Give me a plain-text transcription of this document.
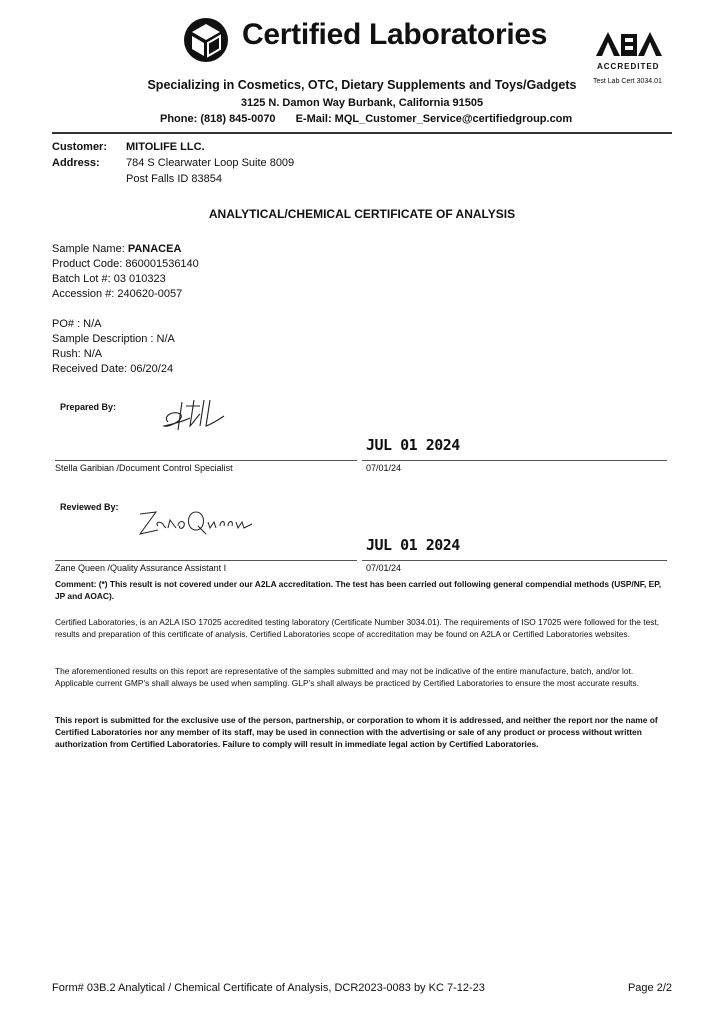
Certified Laboratories
ACCREDITED
Test Lab Cert 3034.01
Specializing in Cosmetics, OTC, Dietary Supplements and Toys/Gadgets
3125 N. Damon Way Burbank, California 91505
Phone: (818) 845-0070 E-Mail: MQL_Customer_Service@certifiedgroup.com
Customer: MITOLIFE LLC.
Address: 784 S Clearwater Loop Suite 8009
Post Falls ID 83854
ANALYTICAL/CHEMICAL CERTIFICATE OF ANALYSIS
Sample Name: PANACEA
Product Code: 860001536140
Batch Lot #: 03 010323
Accession #: 240620-0057
PO# : N/A
Sample Description : N/A
Rush: N/A
Received Date: 06/20/24
Prepared By:
JUL 01 2024
Stella Garibian /Document Control Specialist	07/01/24
Reviewed By:
JUL 01 2024
Zane Queen /Quality Assurance Assistant I	07/01/24
Comment: (*) This result is not covered under our A2LA accreditation. The test has been carried out following general compendial methods (USP/NF, EP, JP and AOAC).
Certified Laboratories, is an A2LA ISO 17025 accredited testing laboratory (Certificate Number 3034.01). The requirements of ISO 17025 were followed for the test, results and preparation of this certificate of analysis. Certified Laboratories scope of accreditation may be found on A2LA or Certified Laboratories websites.
The aforementioned results on this report are representative of the samples submitted and may not be indicative of the entire manufacture, batch, and/or lot. Applicable current GMP’s shall always be used when sampling. GLP’s shall always be practiced by Certified Laboratories to ensure the most accurate results.
This report is submitted for the exclusive use of the person, partnership, or corporation to whom it is addressed, and neither the report nor the name of Certified Laboratories nor any member of its staff, may be used in connection with the advertising or sale of any product or process without written authorization from Certified Laboratories. Failure to comply will result in immediate legal action by Certified Laboratories.
Form# 03B.2 Analytical / Chemical Certificate of Analysis, DCR2023-0083 by KC 7-12-23	Page 2/2
